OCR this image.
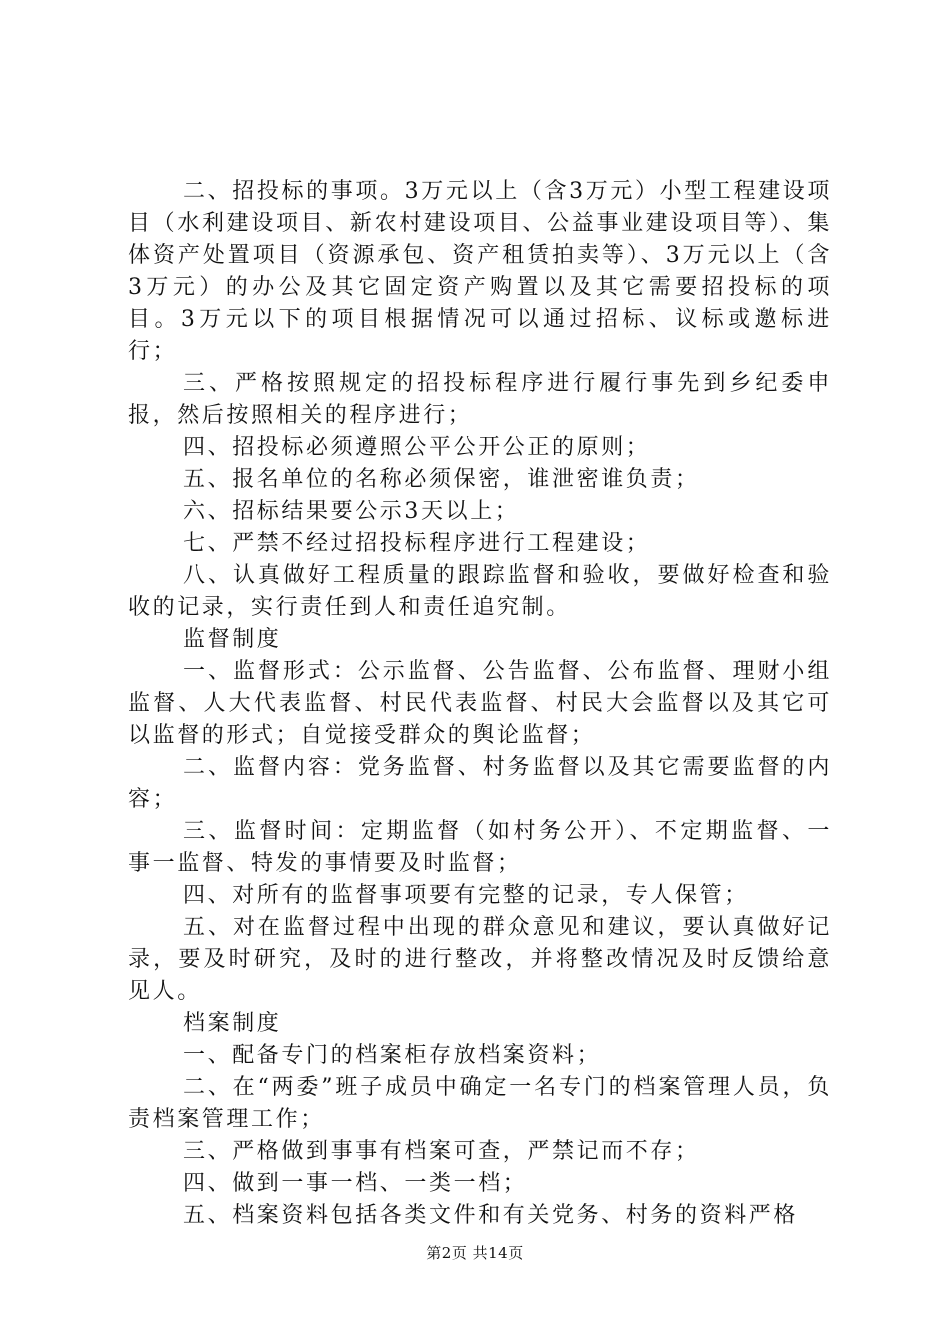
二、招投标的事项。3万元以上（含3万元）小型工程建设项目（水利建设项目、新农村建设项目、公益事业建设项目等）、集体资产处置项目（资源承包、资产租赁拍卖等）、3万元以上（含3万元）的办公及其它固定资产购置以及其它需要招投标的项目。3万元以下的项目根据情况可以通过招标、议标或邀标进行；

三、严格按照规定的招投标程序进行履行事先到乡纪委申报，然后按照相关的程序进行；

四、招投标必须遵照公平公开公正的原则；

五、报名单位的名称必须保密，谁泄密谁负责；

六、招标结果要公示3天以上；

七、严禁不经过招投标程序进行工程建设；

八、认真做好工程质量的跟踪监督和验收，要做好检查和验收的记录，实行责任到人和责任追究制。

监督制度

一、监督形式：公示监督、公告监督、公布监督、理财小组监督、人大代表监督、村民代表监督、村民大会监督以及其它可以监督的形式；自觉接受群众的舆论监督；

二、监督内容：党务监督、村务监督以及其它需要监督的内容；

三、监督时间：定期监督（如村务公开）、不定期监督、一事一监督、特发的事情要及时监督；

四、对所有的监督事项要有完整的记录，专人保管；

五、对在监督过程中出现的群众意见和建议，要认真做好记录，要及时研究，及时的进行整改，并将整改情况及时反馈给意见人。

档案制度

一、配备专门的档案柜存放档案资料；

二、在“两委”班子成员中确定一名专门的档案管理人员，负责档案管理工作；

三、严格做到事事有档案可查，严禁记而不存；

四、做到一事一档、一类一档；

五、档案资料包括各类文件和有关党务、村务的资料严格

第2页 共14页
